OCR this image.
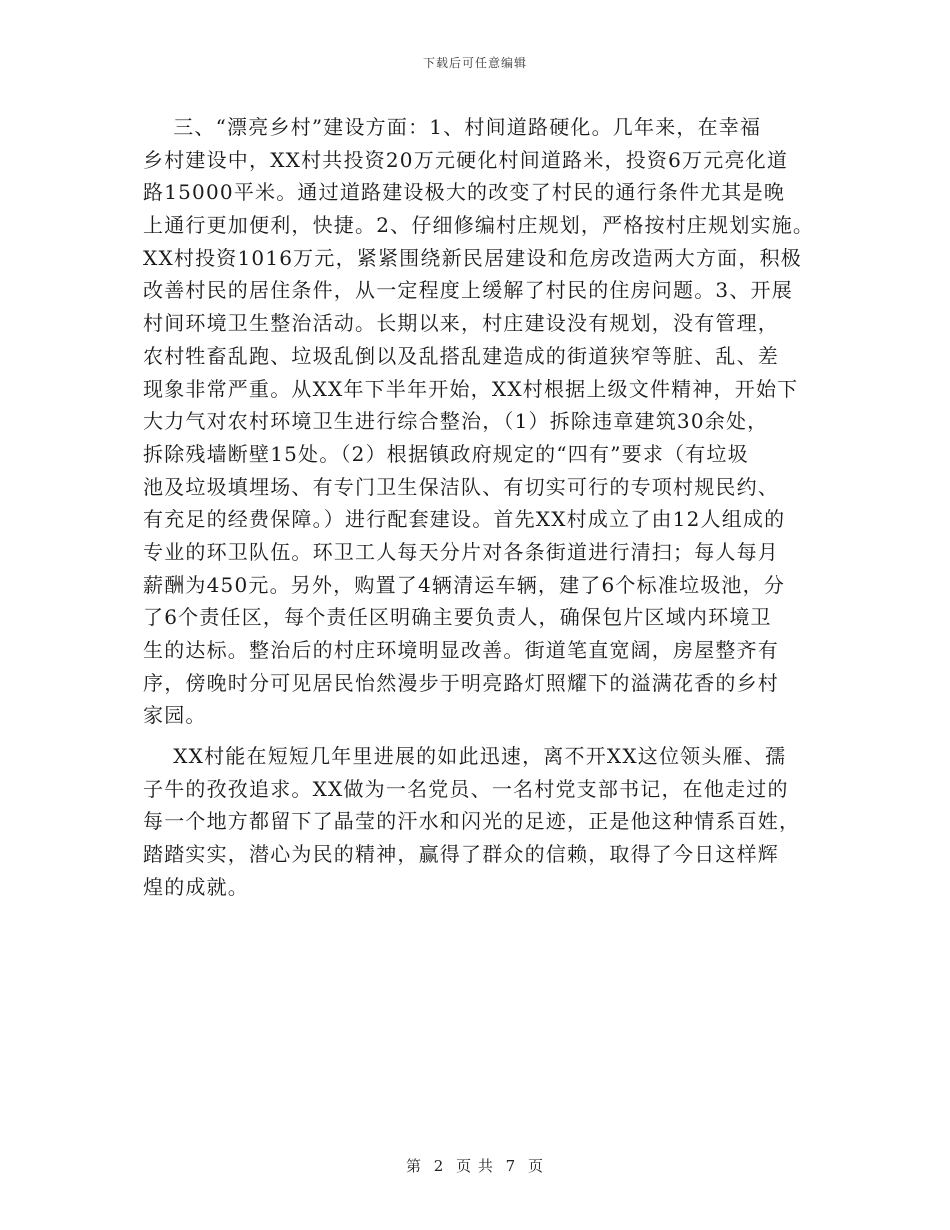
下载后可任意编辑
三、“漂亮乡村”建设方面：1、村间道路硬化。几年来，在幸福
乡村建设中，XX村共投资20万元硬化村间道路米，投资6万元亮化道
路15000平米。通过道路建设极大的改变了村民的通行条件尤其是晚
上通行更加便利，快捷。2、仔细修编村庄规划，严格按村庄规划实施。
XX村投资1016万元，紧紧围绕新民居建设和危房改造两大方面，积极
改善村民的居住条件，从一定程度上缓解了村民的住房问题。3、开展
村间环境卫生整治活动。长期以来，村庄建设没有规划，没有管理，
农村牲畜乱跑、垃圾乱倒以及乱搭乱建造成的街道狭窄等脏、乱、差
现象非常严重。从XX年下半年开始，XX村根据上级文件精神，开始下
大力气对农村环境卫生进行综合整治，（1）拆除违章建筑30余处，
拆除残墙断壁15处。（2）根据镇政府规定的“四有”要求（有垃圾
池及垃圾填埋场、有专门卫生保洁队、有切实可行的专项村规民约、
有充足的经费保障。）进行配套建设。首先XX村成立了由12人组成的
专业的环卫队伍。环卫工人每天分片对各条街道进行清扫；每人每月
薪酬为450元。另外，购置了4辆清运车辆，建了6个标准垃圾池，分
了6个责任区，每个责任区明确主要负责人，确保包片区域内环境卫
生的达标。整治后的村庄环境明显改善。街道笔直宽阔，房屋整齐有
序，傍晚时分可见居民怡然漫步于明亮路灯照耀下的溢满花香的乡村
家园。
XX村能在短短几年里进展的如此迅速，离不开XX这位领头雁、孺
子牛的孜孜追求。XX做为一名党员、一名村党支部书记，在他走过的
每一个地方都留下了晶莹的汗水和闪光的足迹，正是他这种情系百姓，
踏踏实实，潜心为民的精神，赢得了群众的信赖，取得了今日这样辉
煌的成就。
第 2 页 共 7 页
